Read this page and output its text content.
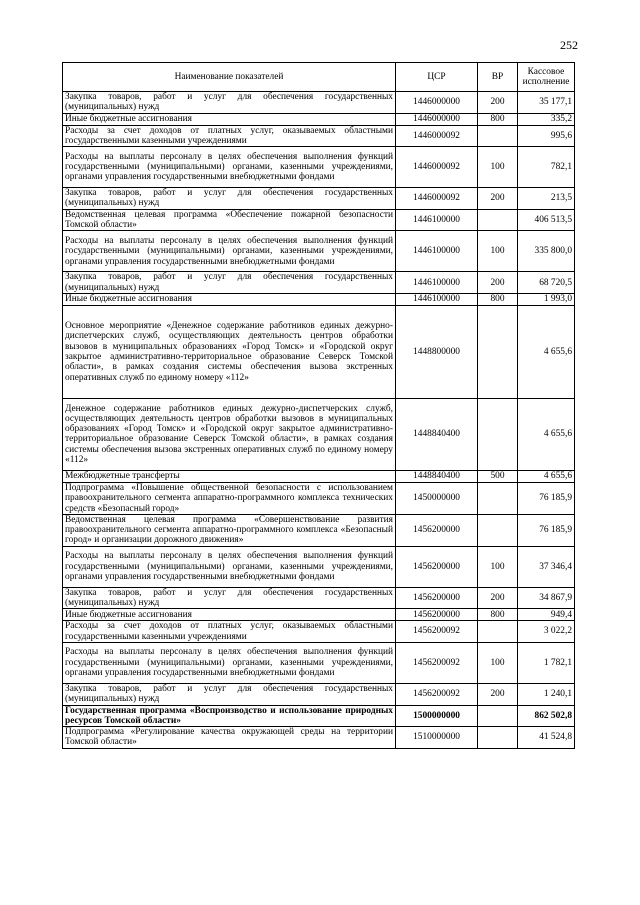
252
Наименование показателей	ЦСР	ВР	Кассовое исполнение
Закупка товаров, работ и услуг для обеспечения государственных (муниципальных) нужд	1446000000	200	35 177,1
Иные бюджетные ассигнования	1446000000	800	335,2
Расходы за счет доходов от платных услуг, оказываемых областными государственными казенными учреждениями	1446000092		995,6
Расходы на выплаты персоналу в целях обеспечения выполнения функций государственными (муниципальными) органами, казенными учреждениями, органами управления государственными внебюджетными фондами	1446000092	100	782,1
Закупка товаров, работ и услуг для обеспечения государственных (муниципальных) нужд	1446000092	200	213,5
Ведомственная целевая программа «Обеспечение пожарной безопасности Томской области»	1446100000		406 513,5
Расходы на выплаты персоналу в целях обеспечения выполнения функций государственными (муниципальными) органами, казенными учреждениями, органами управления государственными внебюджетными фондами	1446100000	100	335 800,0
Закупка товаров, работ и услуг для обеспечения государственных (муниципальных) нужд	1446100000	200	68 720,5
Иные бюджетные ассигнования	1446100000	800	1 993,0
Основное мероприятие «Денежное содержание работников единых дежурно-диспетчерских служб, осуществляющих деятельность центров обработки вызовов в муниципальных образованиях «Город Томск» и «Городской округ закрытое административно-территориальное образование Северск Томской области», в рамках создания системы обеспечения вызова экстренных оперативных служб по единому номеру «112»	1448800000		4 655,6
Денежное содержание работников единых дежурно-диспетчерских служб, осуществляющих деятельность центров обработки вызовов в муниципальных образованиях «Город Томск» и «Городской округ закрытое административно-территориальное образование Северск Томской области», в рамках создания системы обеспечения вызова экстренных оперативных служб по единому номеру «112»	1448840400		4 655,6
Межбюджетные трансферты	1448840400	500	4 655,6
Подпрограмма «Повышение общественной безопасности с использованием правоохранительного сегмента аппаратно-программного комплекса технических средств «Безопасный город»	1450000000		76 185,9
Ведомственная целевая программа «Совершенствование развития правоохранительного сегмента аппаратно-программного комплекса «Безопасный город» и организации дорожного движения»	1456200000		76 185,9
Расходы на выплаты персоналу в целях обеспечения выполнения функций государственными (муниципальными) органами, казенными учреждениями, органами управления государственными внебюджетными фондами	1456200000	100	37 346,4
Закупка товаров, работ и услуг для обеспечения государственных (муниципальных) нужд	1456200000	200	34 867,9
Иные бюджетные ассигнования	1456200000	800	949,4
Расходы за счет доходов от платных услуг, оказываемых областными государственными казенными учреждениями	1456200092		3 022,2
Расходы на выплаты персоналу в целях обеспечения выполнения функций государственными (муниципальными) органами, казенными учреждениями, органами управления государственными внебюджетными фондами	1456200092	100	1 782,1
Закупка товаров, работ и услуг для обеспечения государственных (муниципальных) нужд	1456200092	200	1 240,1
Государственная программа «Воспроизводство и использование природных ресурсов Томской области»	1500000000		862 502,8
Подпрограмма «Регулирование качества окружающей среды на территории Томской области»	1510000000		41 524,8
